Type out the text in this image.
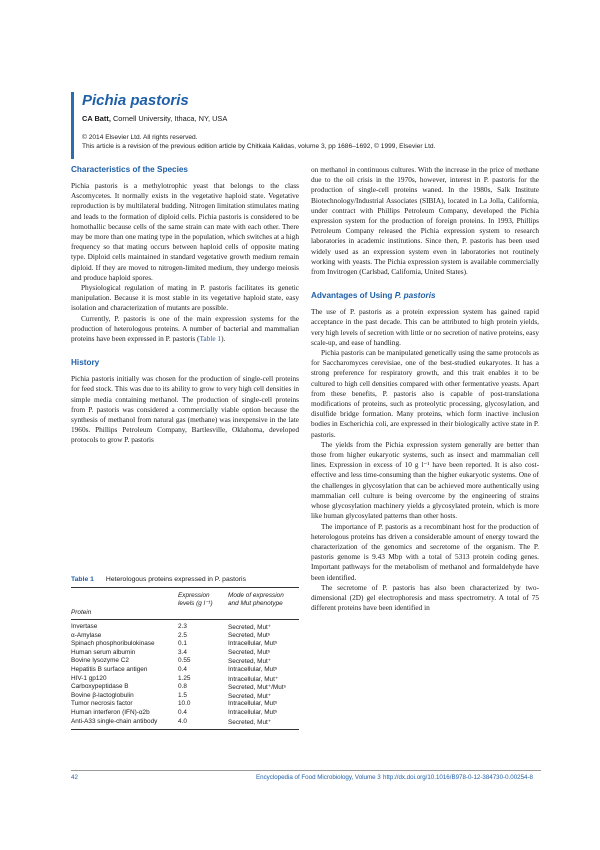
Pichia pastoris
CA Batt, Cornell University, Ithaca, NY, USA
© 2014 Elsevier Ltd. All rights reserved.
This article is a revision of the previous edition article by Chitkala Kalidas, volume 3, pp 1686–1692, © 1999, Elsevier Ltd.
Characteristics of the Species

Pichia pastoris is a methylotrophic yeast that belongs to the class Ascomycetes. It normally exists in the vegetative haploid state. Vegetative reproduction is by multilateral budding. Nitrogen limitation stimulates mating and leads to the formation of diploid cells. Pichia pastoris is considered to be homothallic because cells of the same strain can mate with each other. There may be more than one mating type in the population, which switches at a high frequency so that mating occurs between haploid cells of opposite mating type. Diploid cells maintained in standard vegetative growth medium remain diploid. If they are moved to nitrogen-limited medium, they undergo meiosis and produce haploid spores.

Physiological regulation of mating in P. pastoris facilitates its genetic manipulation. Because it is most stable in its vegetative haploid state, easy isolation and characterization of mutants are possible.

Currently, P. pastoris is one of the main expression systems for the production of heterologous proteins. A number of bacterial and mammalian proteins have been expressed in P. pastoris (Table 1).

History

Pichia pastoris initially was chosen for the production of single-cell proteins for feed stock. This was due to its ability to grow to very high cell densities in simple media containing methanol. The production of single-cell proteins from P. pastoris was considered a commercially viable option because the synthesis of methanol from natural gas (methane) was inexpensive in the late 1960s. Phillips Petroleum Company, Bartlesville, Oklahoma, developed protocols to grow P. pastoris

Table 1 Heterologous proteins expressed in P. pastoris
Protein
Expression
levels (g l⁻¹)
Mode of expression
and Mut phenotype
Invertase	2.3	Secreted, Mut⁺
α-Amylase	2.5	Secreted, Mutˢ
Spinach phosphoribulokinase	0.1	Intracellular, Mutˢ
Human serum albumin	3.4	Secreted, Mutˢ
Bovine lysozyme C2	0.55	Secreted, Mut⁺
Hepatitis B surface antigen	0.4	Intracellular, Mutˢ
HIV-1 gp120	1.25	Intracellular, Mut⁺
Carboxypeptidase B	0.8	Secreted, Mut⁺/Mutˢ
Bovine β-lactoglobulin	1.5	Secreted, Mut⁺
Tumor necrosis factor	10.0	Intracellular, Mutˢ
Human interferon (IFN)-α2b	0.4	Intracellular, Mutˢ
Anti-A33 single-chain antibody	4.0	Secreted, Mut⁺

on methanol in continuous cultures. With the increase in the price of methane due to the oil crisis in the 1970s, however, interest in P. pastoris for the production of single-cell proteins waned. In the 1980s, Salk Institute Biotechnology/Industrial Associates (SIBIA), located in La Jolla, California, under contract with Phillips Petroleum Company, developed the Pichia expression system for the production of foreign proteins. In 1993, Phillips Petroleum Company released the Pichia expression system to research laboratories in academic institutions. Since then, P. pastoris has been used widely used as an expression system even in laboratories not routinely working with yeasts. The Pichia expression system is available commercially from Invitrogen (Carlsbad, California, United States).

Advantages of Using P. pastoris

The use of P. pastoris as a protein expression system has gained rapid acceptance in the past decade. This can be attributed to high protein yields, very high levels of secretion with little or no secretion of native proteins, easy scale-up, and ease of handling.

Pichia pastoris can be manipulated genetically using the same protocols as for Saccharomyces cerevisiae, one of the best-studied eukaryotes. It has a strong preference for respiratory growth, and this trait enables it to be cultured to high cell densities compared with other fermentative yeasts. Apart from these benefits, P. pastoris also is capable of post-translationa modifications of proteins, such as proteolytic processing, glycosylation, and disulfide bridge formation. Many proteins, which form inactive inclusion bodies in Escherichia coli, are expressed in their biologically active state in P. pastoris.

The yields from the Pichia expression system generally are better than those from higher eukaryotic systems, such as insect and mammalian cell lines. Expression in excess of 10 g l⁻¹ have been reported. It is also cost-effective and less time-consuming than the higher eukaryotic systems. One of the challenges in glycosylation that can be achieved more authentically using mammalian cell culture is being overcome by the engineering of strains whose glycosylation machinery yields a glycosylated protein, which is more like human glycosylated patterns than other hosts.

The importance of P. pastoris as a recombinant host for the production of heterologous proteins has driven a considerable amount of energy toward the characterization of the genomics and secretome of the organism. The P. pastoris genome is 9.43 Mbp with a total of 5313 protein coding genes. Important pathways for the metabolism of methanol and formaldehyde have been identified.

The secretome of P. pastoris has also been characterized by two-dimensional (2D) gel electrophoresis and mass spectrometry. A total of 75 different proteins have been identified in

42	Encyclopedia of Food Microbiology, Volume 3 http://dx.doi.org/10.1016/B978-0-12-384730-0.00254-8
